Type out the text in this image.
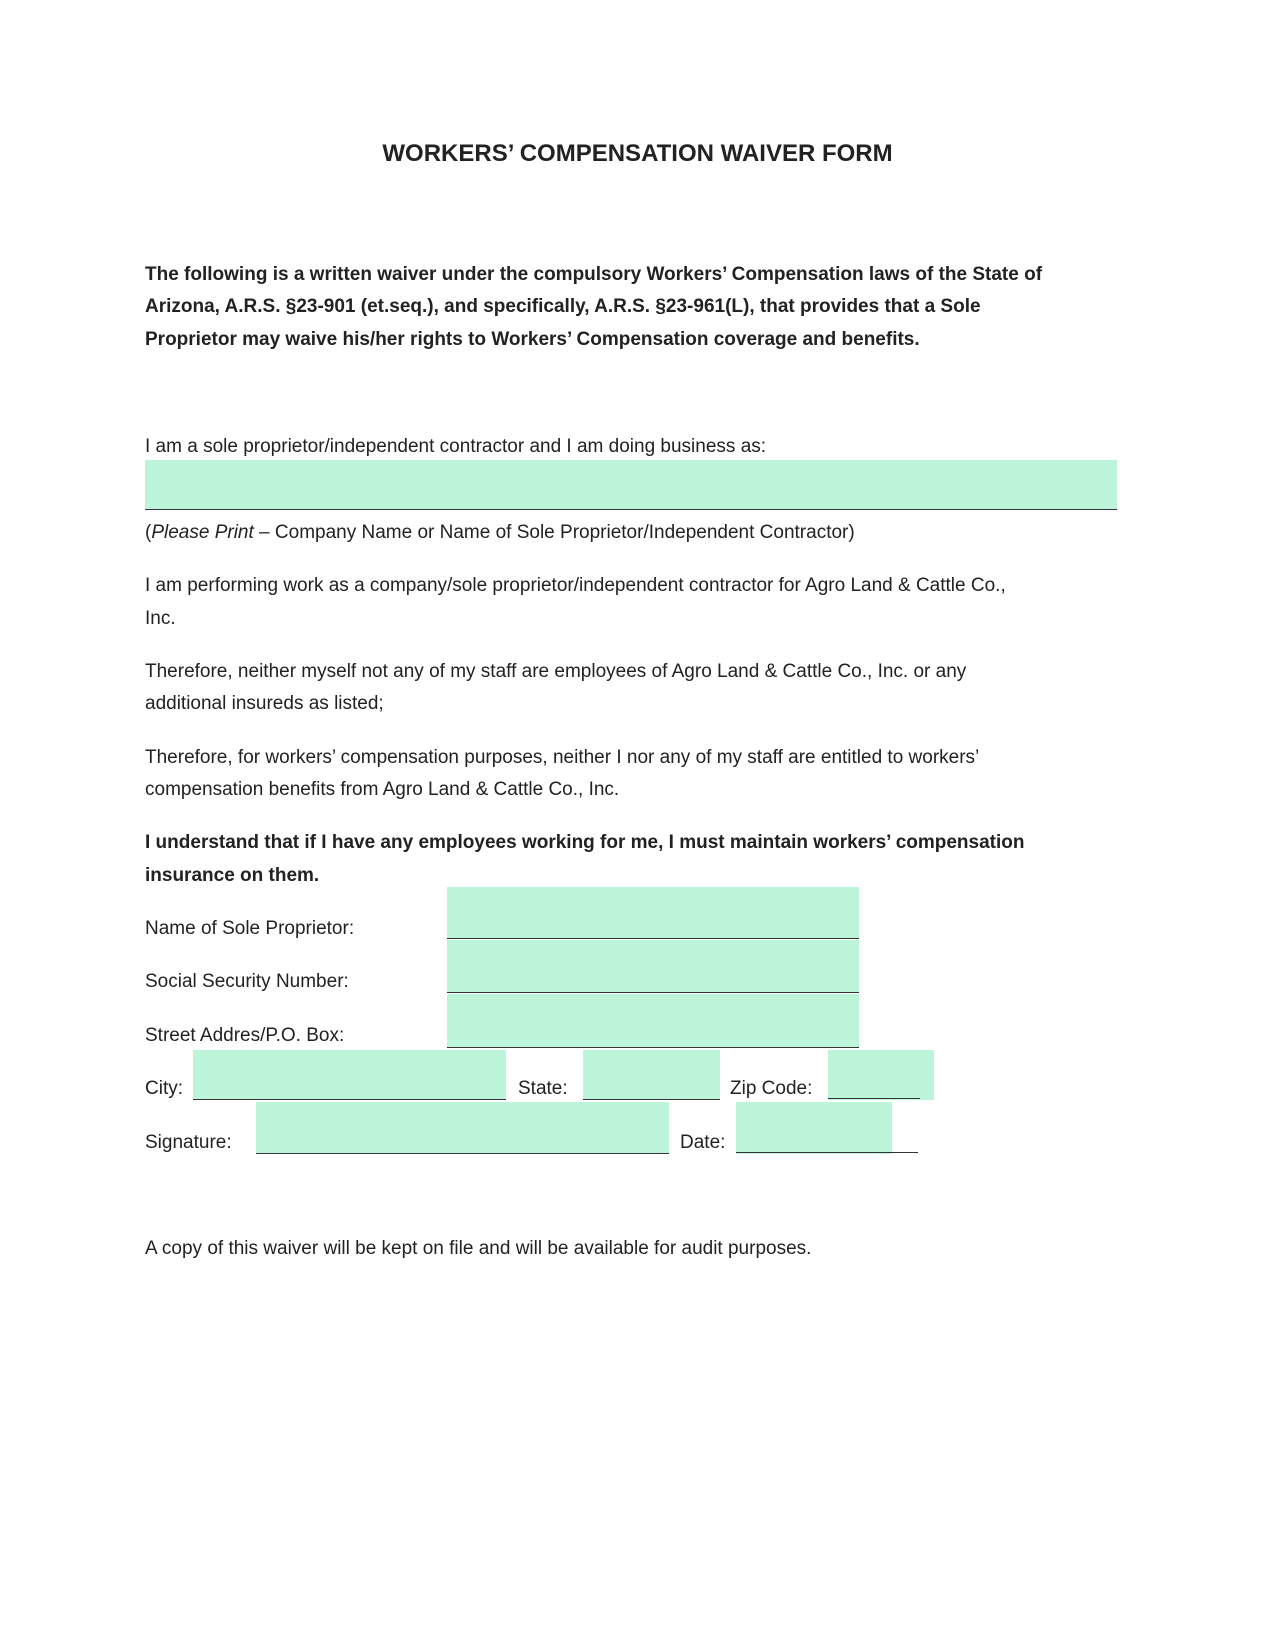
WORKERS’ COMPENSATION WAIVER FORM
The following is a written waiver under the compulsory Workers’ Compensation laws of the State of
Arizona, A.R.S. §23-901 (et.seq.), and specifically, A.R.S. §23-961(L), that provides that a Sole
Proprietor may waive his/her rights to Workers’ Compensation coverage and benefits.
I am a sole proprietor/independent contractor and I am doing business as:
(Please Print – Company Name or Name of Sole Proprietor/Independent Contractor)
I am performing work as a company/sole proprietor/independent contractor for Agro Land & Cattle Co.,
Inc.
Therefore, neither myself not any of my staff are employees of Agro Land & Cattle Co., Inc. or any
additional insureds as listed;
Therefore, for workers’ compensation purposes, neither I nor any of my staff are entitled to workers’
compensation benefits from Agro Land & Cattle Co., Inc.
I understand that if I have any employees working for me, I must maintain workers’ compensation
insurance on them.
Name of Sole Proprietor:
Social Security Number:
Street Addres/P.O. Box:
City:	State:	Zip Code:
Signature:	Date:
A copy of this waiver will be kept on file and will be available for audit purposes.
